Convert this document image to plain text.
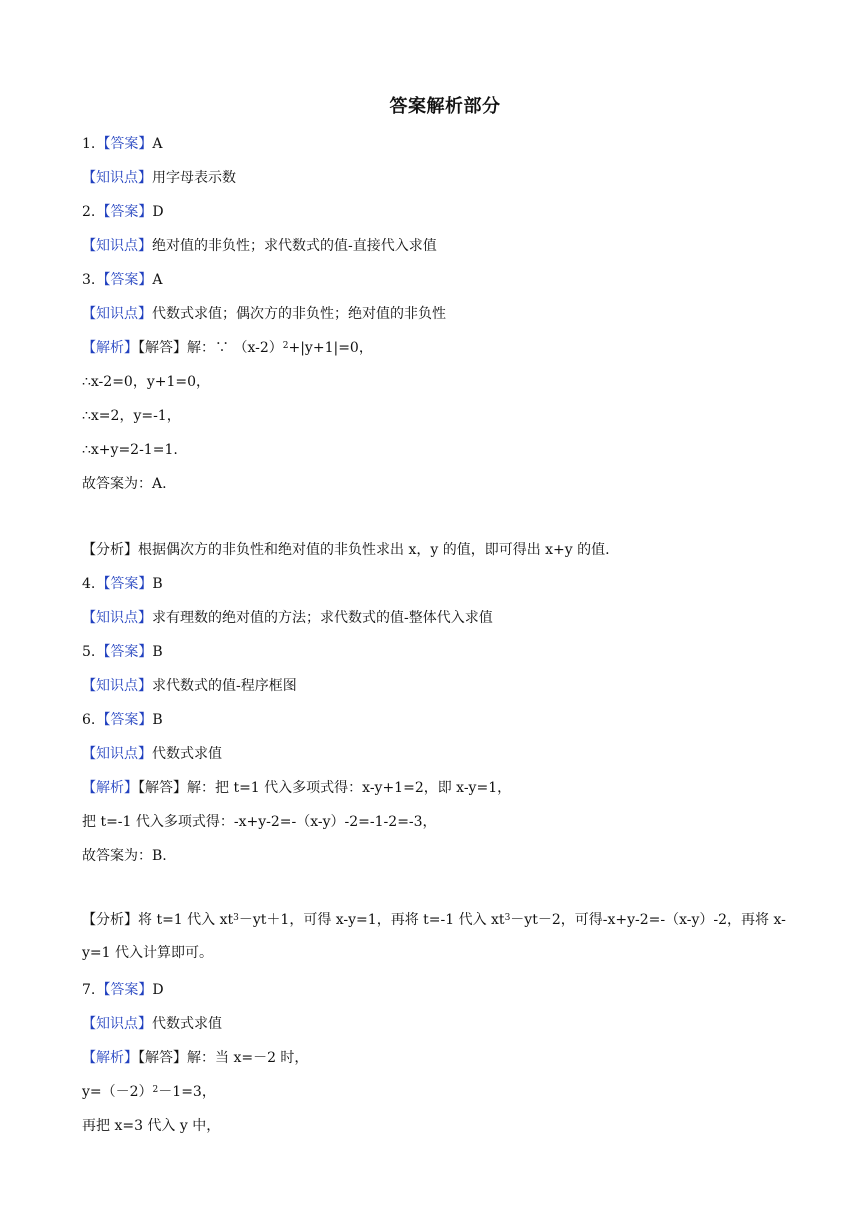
答案解析部分
1.【答案】A
【知识点】用字母表示数
2.【答案】D
【知识点】绝对值的非负性；求代数式的值-直接代入求值
3.【答案】A
【知识点】代数式求值；偶次方的非负性；绝对值的非负性
【解析】【解答】解：∵ $(x-2)^2+|y+1|=0$，
∴x-2=0，y+1=0，
∴x=2，y=-1，
∴x+y=2-1=1.
故答案为：A.
【分析】根据偶次方的非负性和绝对值的非负性求出 x，y 的值，即可得出 x+y 的值.
4.【答案】B
【知识点】求有理数的绝对值的方法；求代数式的值-整体代入求值
5.【答案】B
【知识点】求代数式的值-程序框图
6.【答案】B
【知识点】代数式求值
【解析】【解答】解：把 t=1 代入多项式得：x-y+1=2，即 x-y=1，
把 t=-1 代入多项式得：-x+y-2=-（x-y）-2=-1-2=-3，
故答案为：B.
【分析】将 t=1 代入 $xt^3-yt+1$，可得 x-y=1，再将 t=-1 代入 $xt^3-yt-2$，可得-x+y-2=-（x-y）-2，再将 x-y=1 代入计算即可。
7.【答案】D
【知识点】代数式求值
【解析】【解答】解：当 x=－2 时，
$y=(-2)^2-1=3$，
再把 x=3 代入 y 中，
